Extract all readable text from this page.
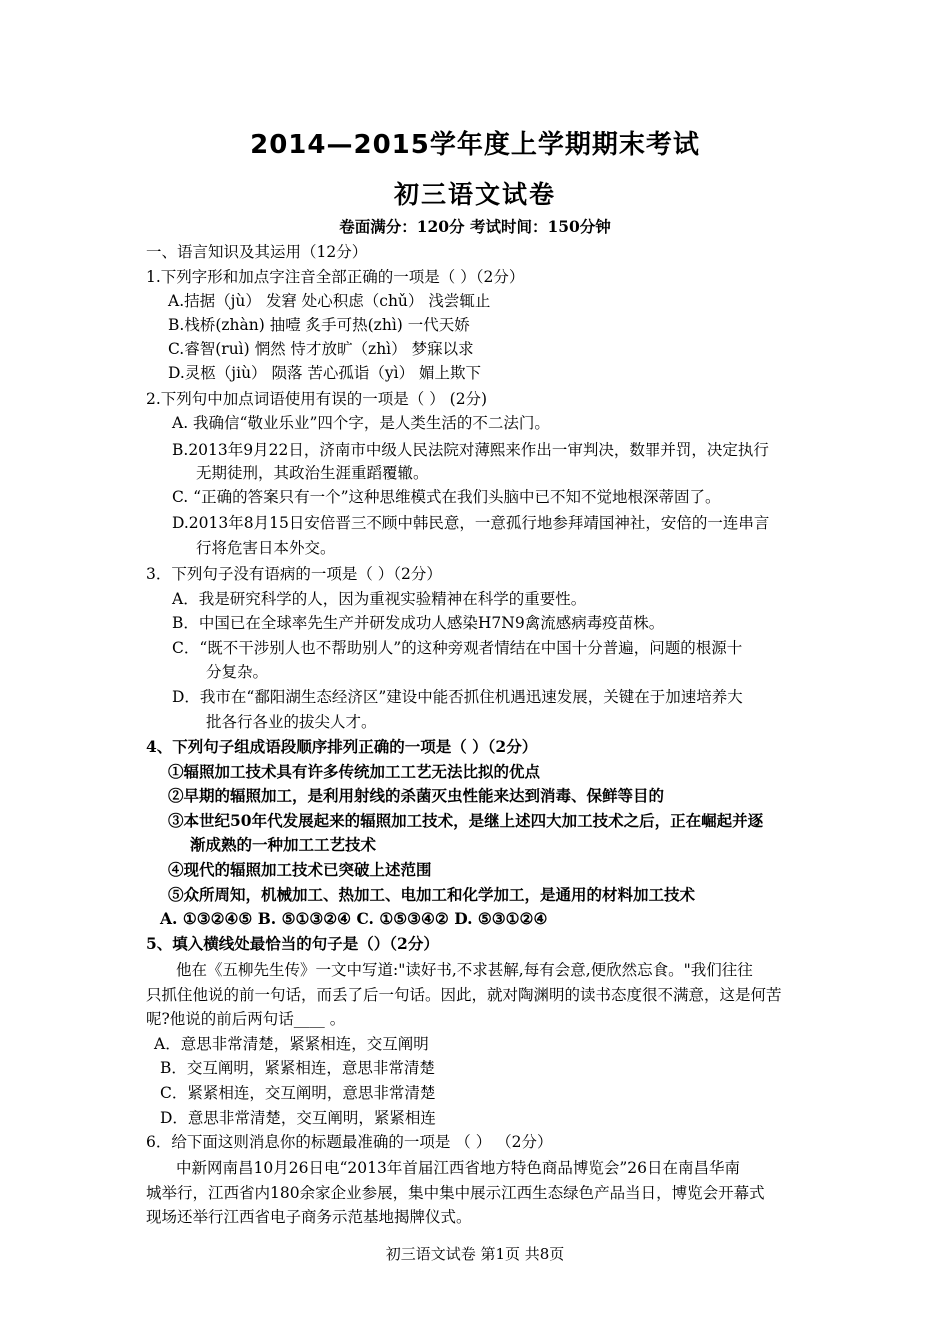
2014—2015学年度上学期期末考试
初三语文试卷
卷面满分：120分 考试时间：150分钟
一、语言知识及其运用（12分）
1.下列字形和加点字注音全部正确的一项是（ ）（2分）
A.拮据（jù） 发窘 处心积虑（chǔ） 浅尝辄止
B.栈桥(zhàn) 抽噎 炙手可热(zhì) 一代天娇
C.睿智(ruì) 惘然 恃才放旷（zhì） 梦寐以求
D.灵柩（jiù） 陨落 苦心孤诣（yì） 媚上欺下
2.下列句中加点词语使用有误的一项是（ ） (2分)
A. 我确信“敬业乐业”四个字，是人类生活的不二法门。
B.2013年9月22日，济南市中级人民法院对薄熙来作出一审判决，数罪并罚，决定执行
无期徒刑，其政治生涯重蹈覆辙。
C. “正确的答案只有一个”这种思维模式在我们头脑中已不知不觉地根深蒂固了。
D.2013年8月15日安倍晋三不顾中韩民意，一意孤行地参拜靖国神社，安倍的一连串言
行将危害日本外交。
3．下列句子没有语病的一项是（ ）（2分）
A．我是研究科学的人，因为重视实验精神在科学的重要性。
B．中国已在全球率先生产并研发成功人感染H7N9禽流感病毒疫苗株。
C．“既不干涉别人也不帮助别人”的这种旁观者情结在中国十分普遍，问题的根源十
分复杂。
D．我市在“鄱阳湖生态经济区”建设中能否抓住机遇迅速发展，关键在于加速培养大
批各行各业的拔尖人才。
4、下列句子组成语段顺序排列正确的一项是（ ）（2分）
①辐照加工技术具有许多传统加工工艺无法比拟的优点
②早期的辐照加工，是利用射线的杀菌灭虫性能来达到消毒、保鲜等目的
③本世纪50年代发展起来的辐照加工技术，是继上述四大加工技术之后，正在崛起并逐
渐成熟的一种加工工艺技术
④现代的辐照加工技术已突破上述范围
⑤众所周知，机械加工、热加工、电加工和化学加工，是通用的材料加工技术
A. ①③②④⑤ B. ⑤①③②④ C. ①⑤③④② D. ⑤③①②④
5、填入横线处最恰当的句子是（）（2分）
他在《五柳先生传》一文中写道:"读好书,不求甚解,每有会意,便欣然忘食。"我们往往
只抓住他说的前一句话，而丢了后一句话。因此，就对陶渊明的读书态度很不满意，这是何苦
呢?他说的前后两句话____ 。
A．意思非常清楚，紧紧相连，交互阐明
B．交互阐明，紧紧相连，意思非常清楚
C．紧紧相连，交互阐明，意思非常清楚
D．意思非常清楚，交互阐明，紧紧相连
6．给下面这则消息你的标题最准确的一项是 （ ） （2分）
中新网南昌10月26日电“2013年首届江西省地方特色商品博览会”26日在南昌华南
城举行，江西省内180余家企业参展，集中集中展示江西生态绿色产品当日，博览会开幕式
现场还举行江西省电子商务示范基地揭牌仪式。
初三语文试卷 第1页 共8页
